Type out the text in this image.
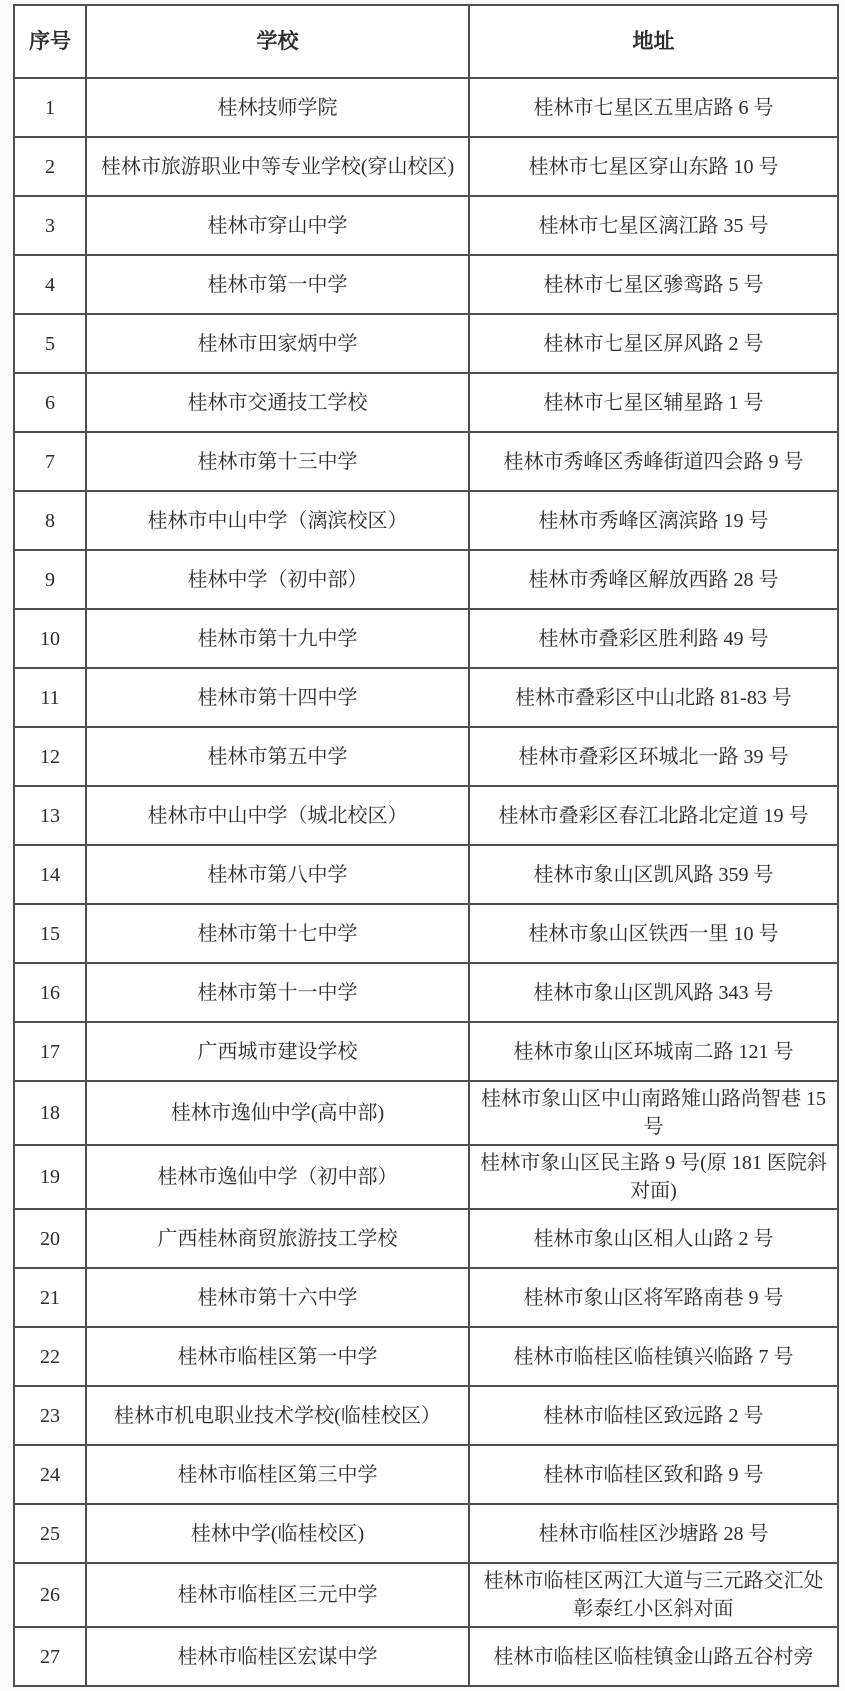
序号	学校	地址
1	桂林技师学院	桂林市七星区五里店路 6 号
2	桂林市旅游职业中等专业学校(穿山校区)	桂林市七星区穿山东路 10 号
3	桂林市穿山中学	桂林市七星区漓江路 35 号
4	桂林市第一中学	桂林市七星区骖鸾路 5 号
5	桂林市田家炳中学	桂林市七星区屏风路 2 号
6	桂林市交通技工学校	桂林市七星区辅星路 1 号
7	桂林市第十三中学	桂林市秀峰区秀峰街道四会路 9 号
8	桂林市中山中学（漓滨校区）	桂林市秀峰区漓滨路 19 号
9	桂林中学（初中部）	桂林市秀峰区解放西路 28 号
10	桂林市第十九中学	桂林市叠彩区胜利路 49 号
11	桂林市第十四中学	桂林市叠彩区中山北路 81-83 号
12	桂林市第五中学	桂林市叠彩区环城北一路 39 号
13	桂林市中山中学（城北校区）	桂林市叠彩区春江北路北定道 19 号
14	桂林市第八中学	桂林市象山区凯风路 359 号
15	桂林市第十七中学	桂林市象山区铁西一里 10 号
16	桂林市第十一中学	桂林市象山区凯风路 343 号
17	广西城市建设学校	桂林市象山区环城南二路 121 号
18	桂林市逸仙中学(高中部)	桂林市象山区中山南路雉山路尚智巷 15 号
19	桂林市逸仙中学（初中部）	桂林市象山区民主路 9 号(原 181 医院斜对面)
20	广西桂林商贸旅游技工学校	桂林市象山区相人山路 2 号
21	桂林市第十六中学	桂林市象山区将军路南巷 9 号
22	桂林市临桂区第一中学	桂林市临桂区临桂镇兴临路 7 号
23	桂林市机电职业技术学校(临桂校区）	桂林市临桂区致远路 2 号
24	桂林市临桂区第三中学	桂林市临桂区致和路 9 号
25	桂林中学(临桂校区)	桂林市临桂区沙塘路 28 号
26	桂林市临桂区三元中学	桂林市临桂区两江大道与三元路交汇处彰泰红小区斜对面
27	桂林市临桂区宏谋中学	桂林市临桂区临桂镇金山路五谷村旁
